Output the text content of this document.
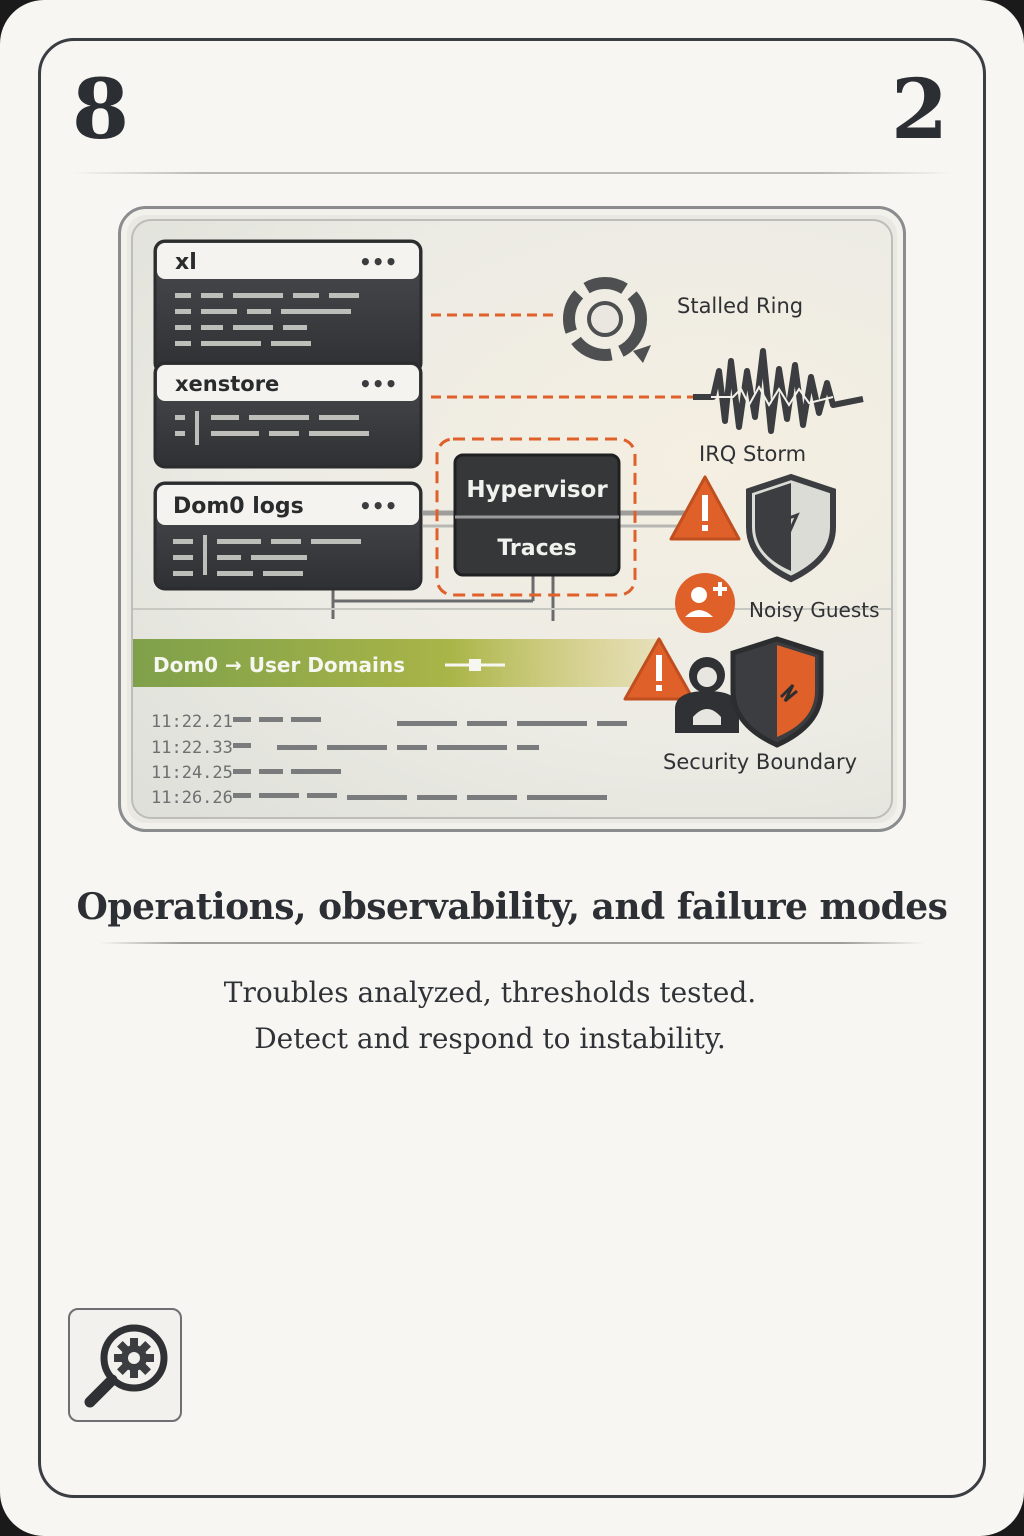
8	2
xl	•••
xenstore	•••
Dom0 logs	•••
Hypervisor
Traces
Dom0 → User Domains
11:22.21
11:22.33
11:24.25
11:26.26
Stalled Ring
IRQ Storm
Noisy Guests
Security Boundary
Operations, observability, and failure modes
Troubles analyzed, thresholds tested.
Detect and respond to instability.
